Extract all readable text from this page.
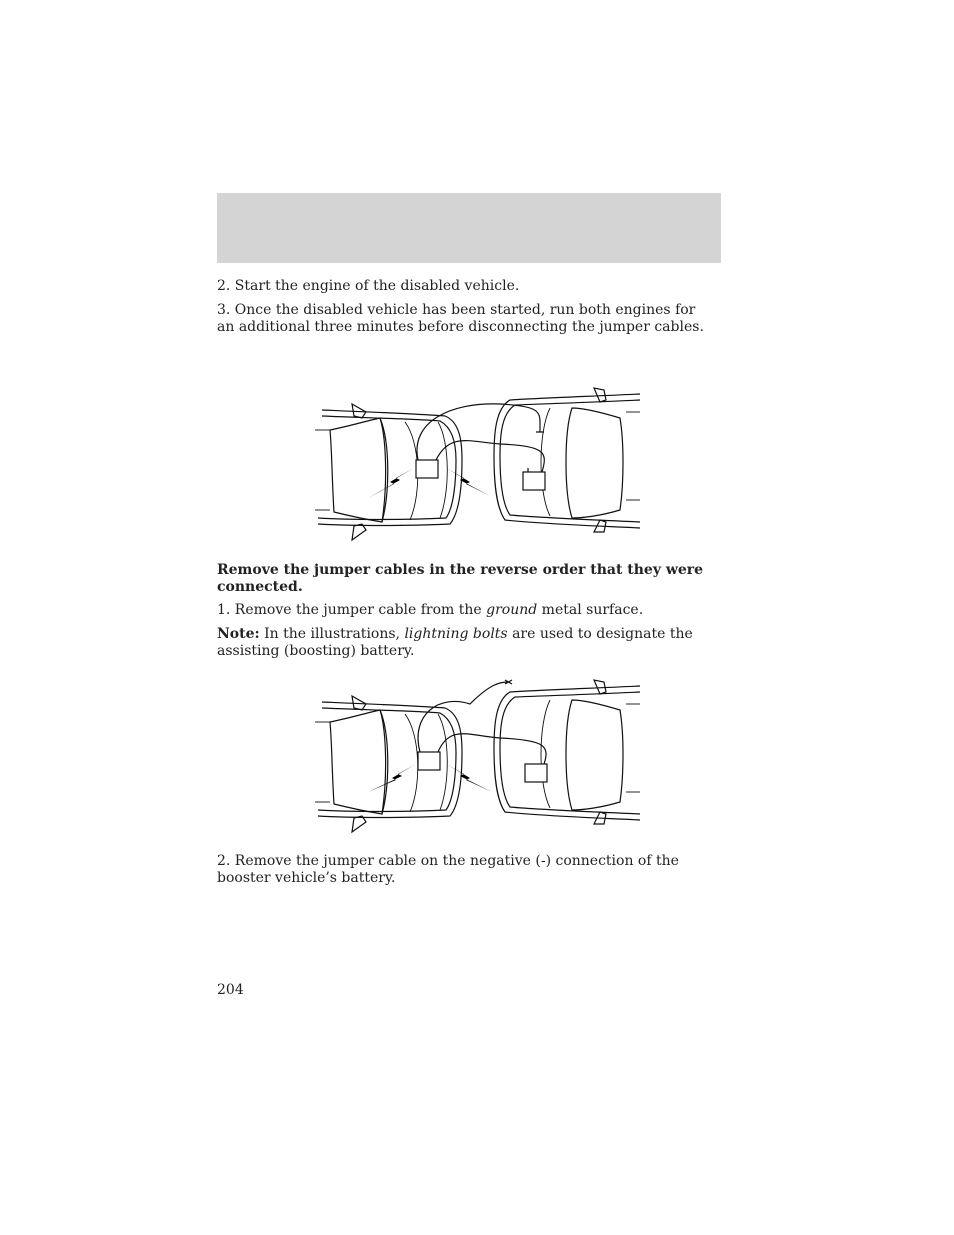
2. Start the engine of the disabled vehicle.

3. Once the disabled vehicle has been started, run both engines for an additional three minutes before disconnecting the jumper cables.

Remove the jumper cables in the reverse order that they were connected.

1. Remove the jumper cable from the ground metal surface.

Note: In the illustrations, lightning bolts are used to designate the assisting (boosting) battery.

2. Remove the jumper cable on the negative (-) connection of the booster vehicle’s battery.

204
